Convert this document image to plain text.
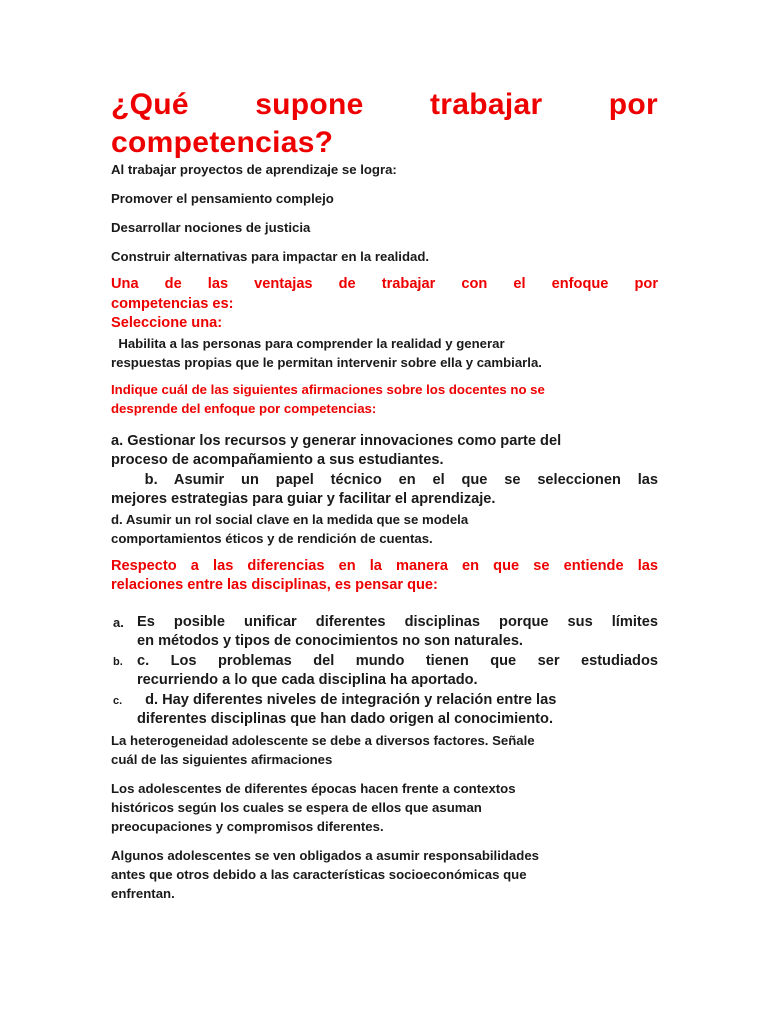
¿Qué supone trabajar por
competencias?

Al trabajar proyectos de aprendizaje se logra:

Promover el pensamiento complejo

Desarrollar nociones de justicia

Construir alternativas para impactar en la realidad.

Una de las ventajas de trabajar con el enfoque por
competencias es:
Seleccione una:
Habilita a las personas para comprender la realidad y generar
respuestas propias que le permitan intervenir sobre ella y cambiarla.
Indique cuál de las siguientes afirmaciones sobre los docentes no se
desprende del enfoque por competencias:
a. Gestionar los recursos y generar innovaciones como parte del
proceso de acompañamiento a sus estudiantes.
b. Asumir un papel técnico en el que se seleccionen las
mejores estrategias para guiar y facilitar el aprendizaje.
d. Asumir un rol social clave en la medida que se modela
comportamientos éticos y de rendición de cuentas.
Respecto a las diferencias en la manera en que se entiende las
relaciones entre las disciplinas, es pensar que:
a. Es posible unificar diferentes disciplinas porque sus límites
en métodos y tipos de conocimientos no son naturales.
b. c. Los problemas del mundo tienen que ser estudiados
recurriendo a lo que cada disciplina ha aportado.
c. d. Hay diferentes niveles de integración y relación entre las
diferentes disciplinas que han dado origen al conocimiento.
La heterogeneidad adolescente se debe a diversos factores. Señale
cuál de las siguientes afirmaciones
Los adolescentes de diferentes épocas hacen frente a contextos
históricos según los cuales se espera de ellos que asuman
preocupaciones y compromisos diferentes.
Algunos adolescentes se ven obligados a asumir responsabilidades
antes que otros debido a las características socioeconómicas que
enfrentan.
